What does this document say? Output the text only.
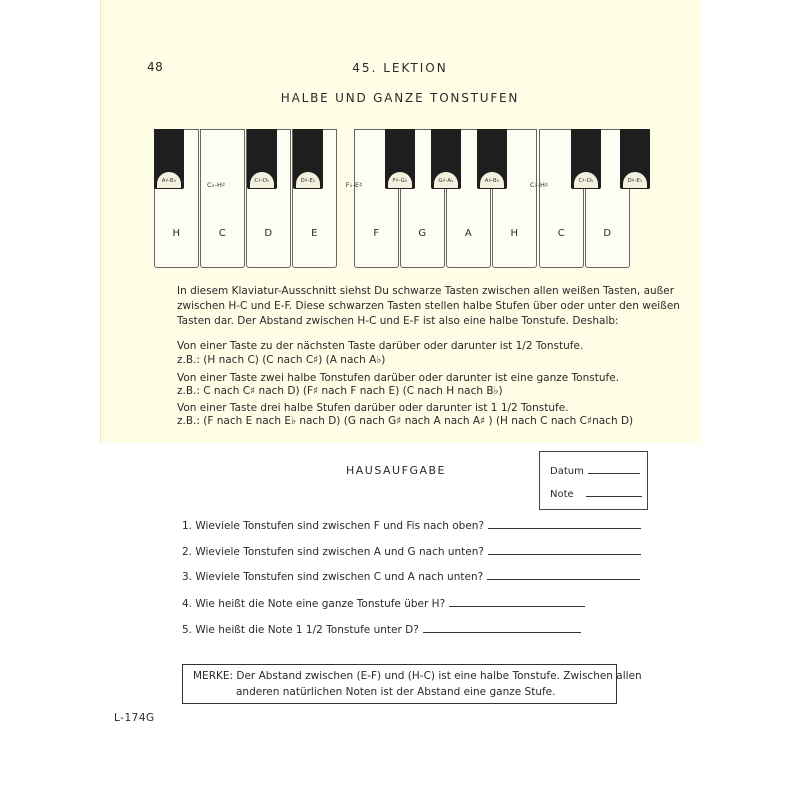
48	45. LEKTION
HALBE UND GANZE TONSTUFEN
H	C	D	E	F	G	A	H	C	D
A♯-B♭	C♯-D♭	D♯-E♭	F♯-G♭	G♯-A♭	A♯-B♭	C♯-D♭	D♯-E♭
C♭-H♯	F♭-E♯	C♭-H♯
In diesem Klaviatur-Ausschnitt siehst Du schwarze Tasten zwischen allen weißen Tasten, außer
zwischen H-C und E-F. Diese schwarzen Tasten stellen halbe Stufen über oder unter den weißen
Tasten dar. Der Abstand zwischen H-C und E-F ist also eine halbe Tonstufe. Deshalb:
Von einer Taste zu der nächsten Taste darüber oder darunter ist 1/2 Tonstufe.
z.B.: (H nach C) (C nach C♯) (A nach A♭)
Von einer Taste zwei halbe Tonstufen darüber oder darunter ist eine ganze Tonstufe.
z.B.: C nach C♯ nach D) (F♯ nach F nach E) (C nach H nach B♭)
Von einer Taste drei halbe Stufen darüber oder darunter ist 1 1/2 Tonstufe.
z.B.: (F nach E nach E♭ nach D) (G nach G♯ nach A nach A♯ ) (H nach C nach C♯nach D)
HAUSAUFGABE	Datum
Note
1. Wieviele Tonstufen sind zwischen F und Fis nach oben?
2. Wieviele Tonstufen sind zwischen A und G nach unten?
3. Wieviele Tonstufen sind zwischen C und A nach unten?
4. Wie heißt die Note eine ganze Tonstufe über H?
5. Wie heißt die Note 1 1/2 Tonstufe unter D?
MERKE: Der Abstand zwischen (E-F) und (H-C) ist eine halbe Tonstufe. Zwischen allen
anderen natürlichen Noten ist der Abstand eine ganze Stufe.
L-174G
